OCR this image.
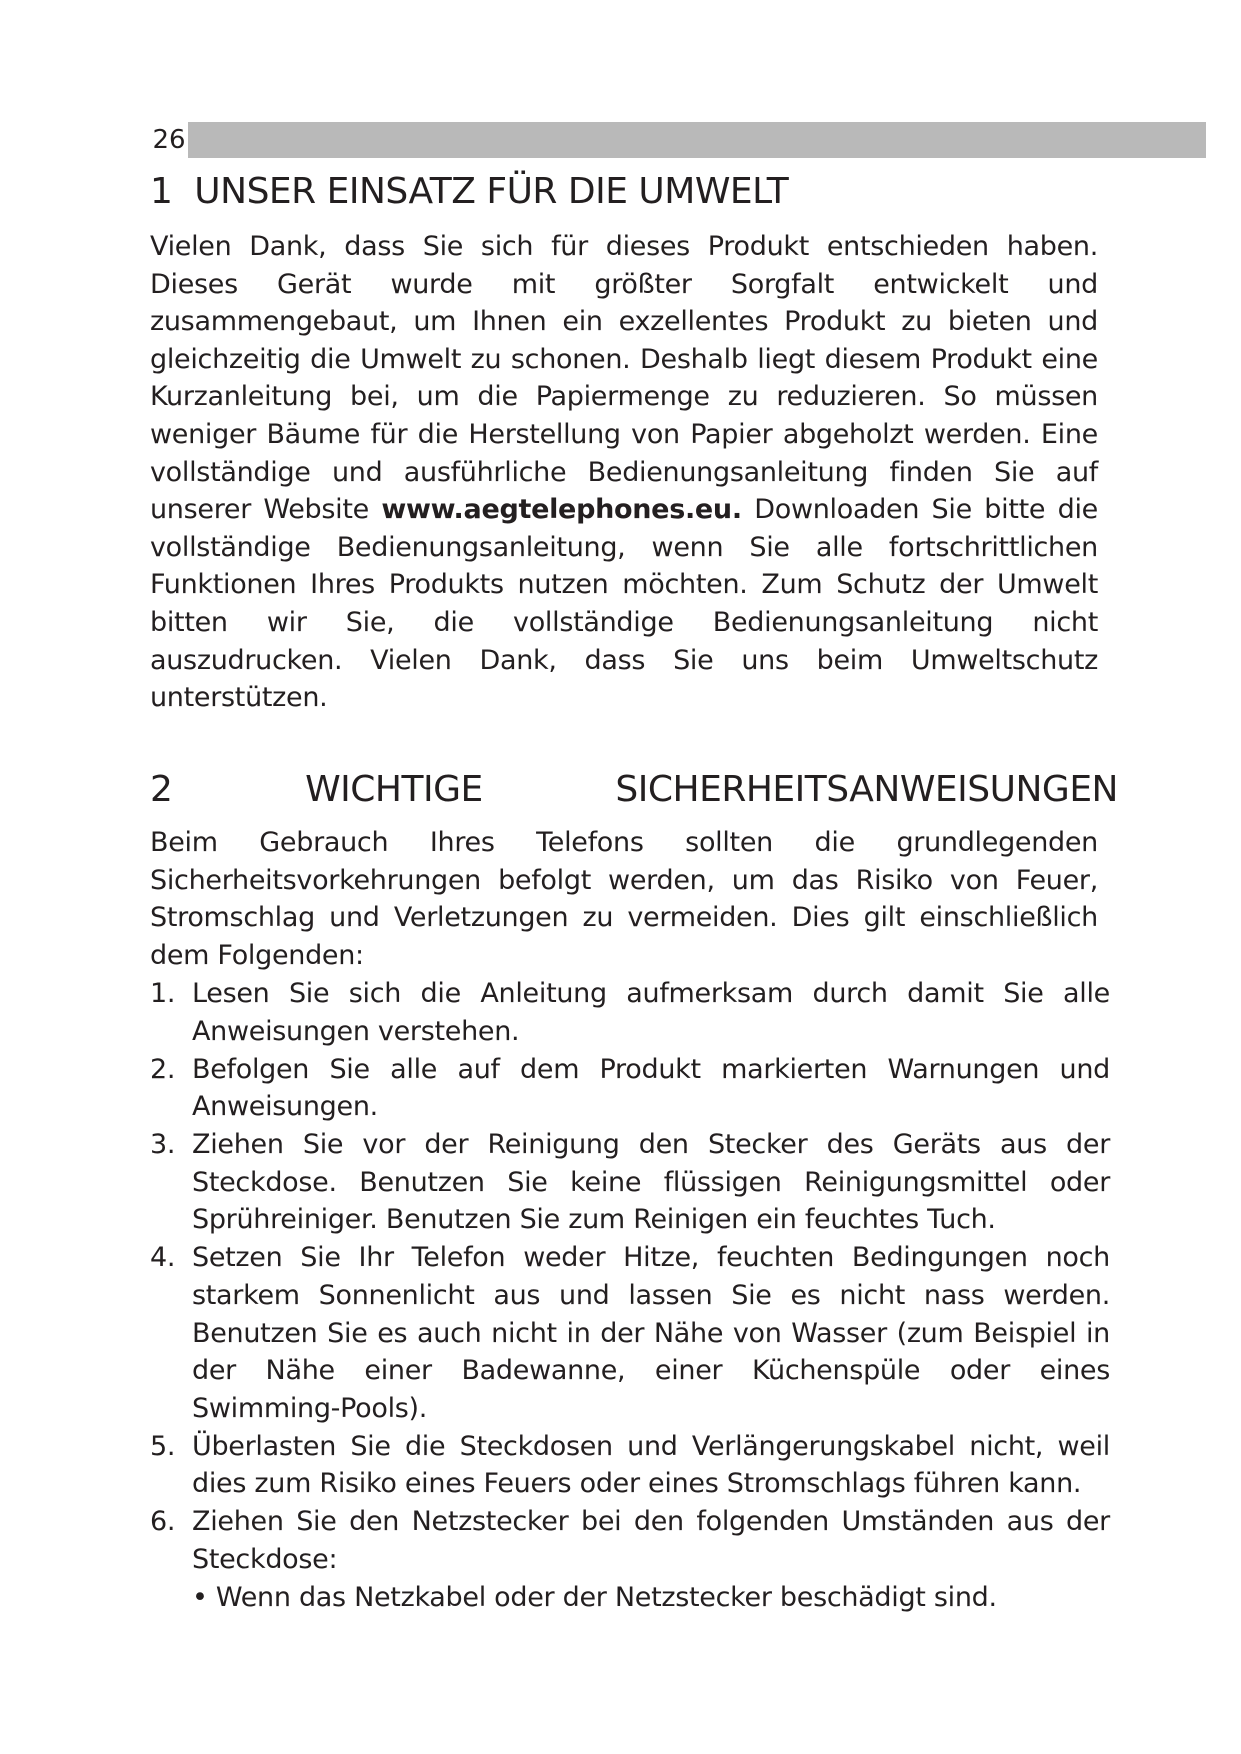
26
1 UNSER EINSATZ FÜR DIE UMWELT

Vielen Dank, dass Sie sich für dieses Produkt entschieden haben. Dieses Gerät wurde mit größter Sorgfalt entwickelt und zusammengebaut, um Ihnen ein exzellentes Produkt zu bieten und gleichzeitig die Umwelt zu schonen. Deshalb liegt diesem Produkt eine Kurzanleitung bei, um die Papiermenge zu reduzieren. So müssen weniger Bäume für die Herstellung von Papier abgeholzt werden. Eine vollständige und ausführliche Bedienungsanleitung finden Sie auf unserer Website www.aegtelephones.eu. Downloaden Sie bitte die vollständige Bedienungsanleitung, wenn Sie alle fortschrittlichen Funktionen Ihres Produkts nutzen möchten. Zum Schutz der Umwelt bitten wir Sie, die vollständige Bedienungsanleitung nicht auszudrucken. Vielen Dank, dass Sie uns beim Umweltschutz unterstützen.

2	WICHTIGE	SICHERHEITSANWEISUNGEN

Beim Gebrauch Ihres Telefons sollten die grundlegenden Sicherheitsvorkehrungen befolgt werden, um das Risiko von Feuer, Stromschlag und Verletzungen zu vermeiden. Dies gilt einschließlich dem Folgenden:

1. Lesen Sie sich die Anleitung aufmerksam durch damit Sie alle Anweisungen verstehen.
2. Befolgen Sie alle auf dem Produkt markierten Warnungen und Anweisungen.
3. Ziehen Sie vor der Reinigung den Stecker des Geräts aus der Steckdose. Benutzen Sie keine flüssigen Reinigungsmittel oder Sprühreiniger. Benutzen Sie zum Reinigen ein feuchtes Tuch.
4. Setzen Sie Ihr Telefon weder Hitze, feuchten Bedingungen noch starkem Sonnenlicht aus und lassen Sie es nicht nass werden. Benutzen Sie es auch nicht in der Nähe von Wasser (zum Beispiel in der Nähe einer Badewanne, einer Küchenspüle oder eines Swimming-Pools).
5. Überlasten Sie die Steckdosen und Verlängerungskabel nicht, weil dies zum Risiko eines Feuers oder eines Stromschlags führen kann.
6. Ziehen Sie den Netzstecker bei den folgenden Umständen aus der Steckdose:
• Wenn das Netzkabel oder der Netzstecker beschädigt sind.
